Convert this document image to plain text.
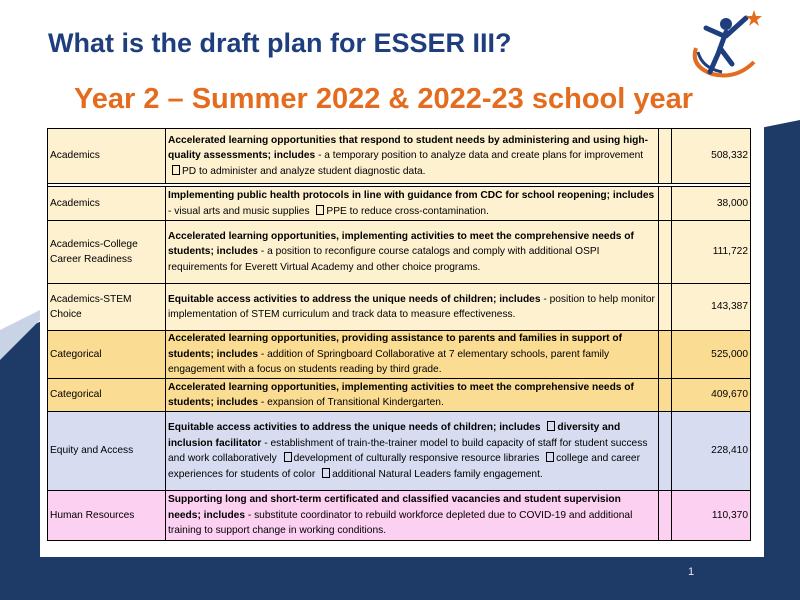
What is the draft plan for ESSER III?
Year 2 – Summer 2022 & 2022-23 school year
Academics	Accelerated learning opportunities that respond to student needs by administering and using high-quality assessments; includes - a temporary position to analyze data and create plans for improvement PD to administer and analyze student diagnostic data.		508,332

Academics	Implementing public health protocols in line with guidance from CDC for school reopening; includes - visual arts and music supplies PPE to reduce cross-contamination.		38,000
Academics-College Career Readiness	Accelerated learning opportunities, implementing activities to meet the comprehensive needs of students; includes - a position to reconfigure course catalogs and comply with additional OSPI requirements for Everett Virtual Academy and other choice programs.		111,722
Academics-STEM Choice	Equitable access activities to address the unique needs of children; includes - position to help monitor implementation of STEM curriculum and track data to measure effectiveness.		143,387
Categorical	Accelerated learning opportunities, providing assistance to parents and families in support of students; includes - addition of Springboard Collaborative at 7 elementary schools, parent family engagement with a focus on students reading by third grade.		525,000
Categorical	Accelerated learning opportunities, implementing activities to meet the comprehensive needs of students; includes - expansion of Transitional Kindergarten.		409,670
Equity and Access	Equitable access activities to address the unique needs of children; includes diversity and inclusion facilitator - establishment of train-the-trainer model to build capacity of staff for student success and work collaboratively development of culturally responsive resource libraries college and career experiences for students of color additional Natural Leaders family engagement.		228,410
Human Resources	Supporting long and short-term certificated and classified vacancies and student supervision needs; includes - substitute coordinator to rebuild workforce depleted due to COVID-19 and additional training to support change in working conditions.		110,370
1
